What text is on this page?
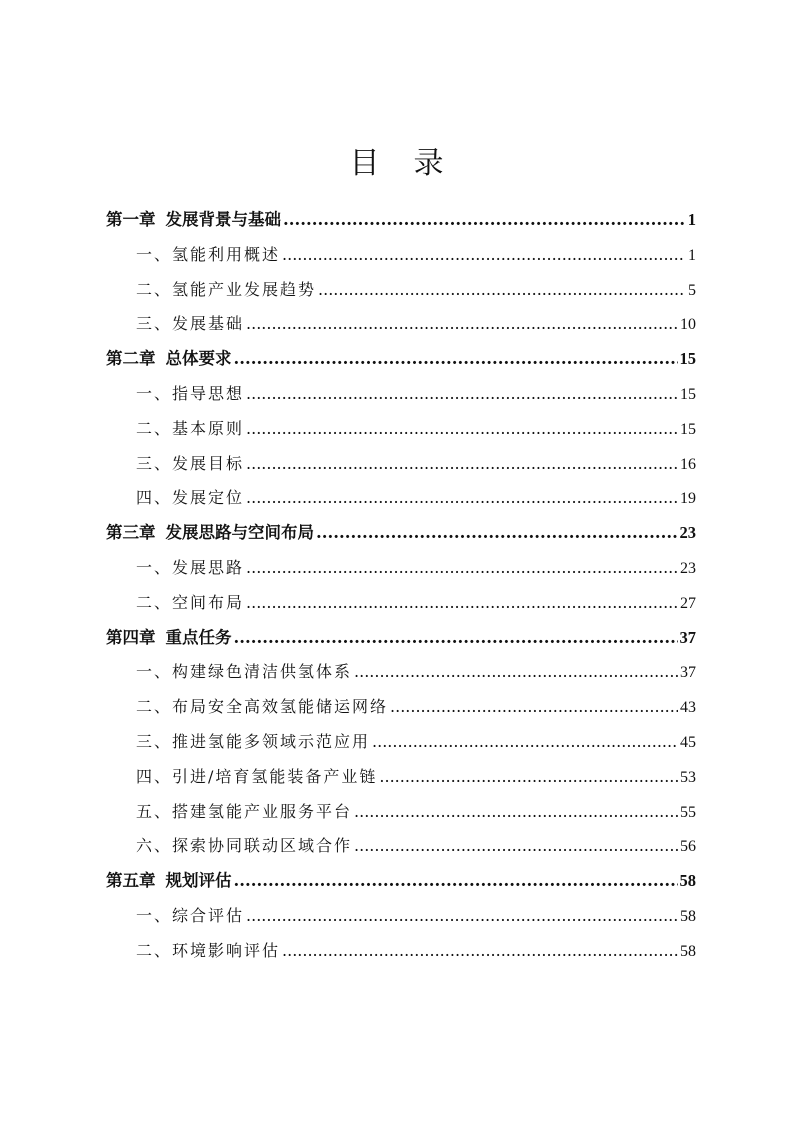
目 录
第一章 发展背景与基础 .....	1
一、氢能利用概述 .....	1
二、氢能产业发展趋势 .....	5
三、发展基础 .....	10
第二章 总体要求 .....	15
一、指导思想 .....	15
二、基本原则 .....	15
三、发展目标 .....	16
四、发展定位 .....	19
第三章 发展思路与空间布局 .....	23
一、发展思路 .....	23
二、空间布局 .....	27
第四章 重点任务 .....	37
一、构建绿色清洁供氢体系 .....	37
二、布局安全高效氢能储运网络 .....	43
三、推进氢能多领域示范应用 .....	45
四、引进/培育氢能装备产业链 .....	53
五、搭建氢能产业服务平台 .....	55
六、探索协同联动区域合作 .....	56
第五章 规划评估 .....	58
一、综合评估 .....	58
二、环境影响评估 .....	58
